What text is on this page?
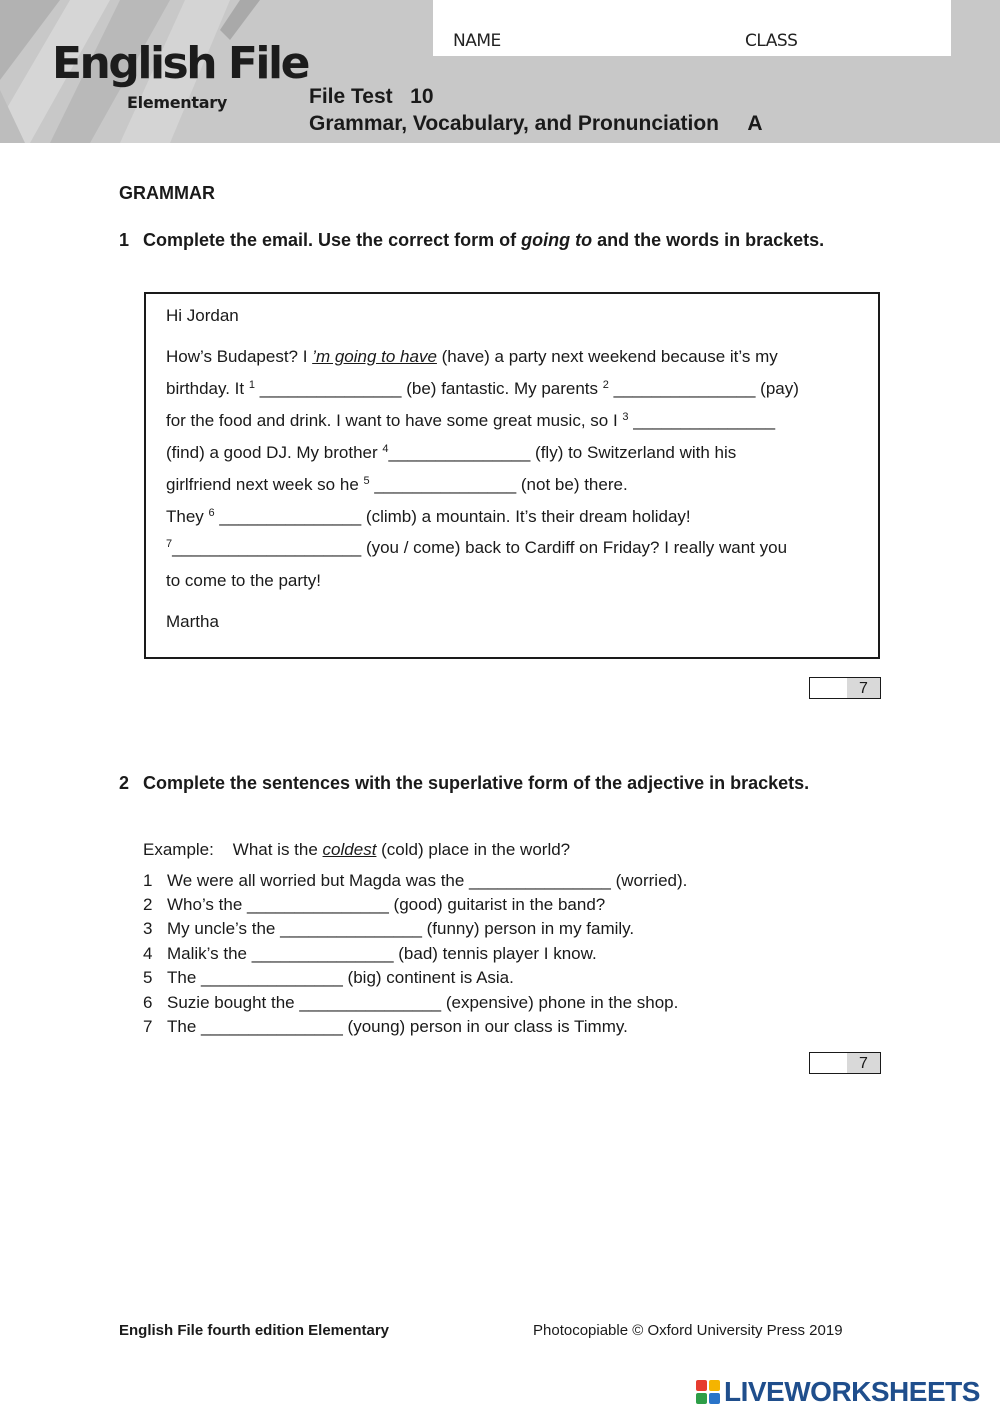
English File
Elementary
NAME	CLASS
File Test   10
Grammar, Vocabulary, and Pronunciation     A
GRAMMAR
1 Complete the email. Use the correct form of going to and the words in brackets.
Hi Jordan
How’s Budapest? I ’m going to have (have) a party next weekend because it’s my
birthday. It $^1$ _______________ (be) fantastic. My parents $^2$ _______________ (pay)
for the food and drink. I want to have some great music, so I $^3$ _______________
(find) a good DJ. My brother $^4$_______________ (fly) to Switzerland with his
girlfriend next week so he $^5$ _______________ (not be) there.
They $^6$ _______________ (climb) a mountain. It’s their dream holiday!
$^7$____________________ (you / come) back to Cardiff on Friday? I really want you
to come to the party!
Martha
7
2 Complete the sentences with the superlative form of the adjective in brackets.
Example: What is the coldest (cold) place in the world?
1 We were all worried but Magda was the _______________ (worried).
2 Who’s the _______________ (good) guitarist in the band?
3 My uncle’s the _______________ (funny) person in my family.
4 Malik’s the _______________ (bad) tennis player I know.
5 The _______________ (big) continent is Asia.
6 Suzie bought the _______________ (expensive) phone in the shop.
7 The _______________ (young) person in our class is Timmy.
7
English File fourth edition Elementary	Photocopiable © Oxford University Press 2019
LIVEWORKSHEETS
